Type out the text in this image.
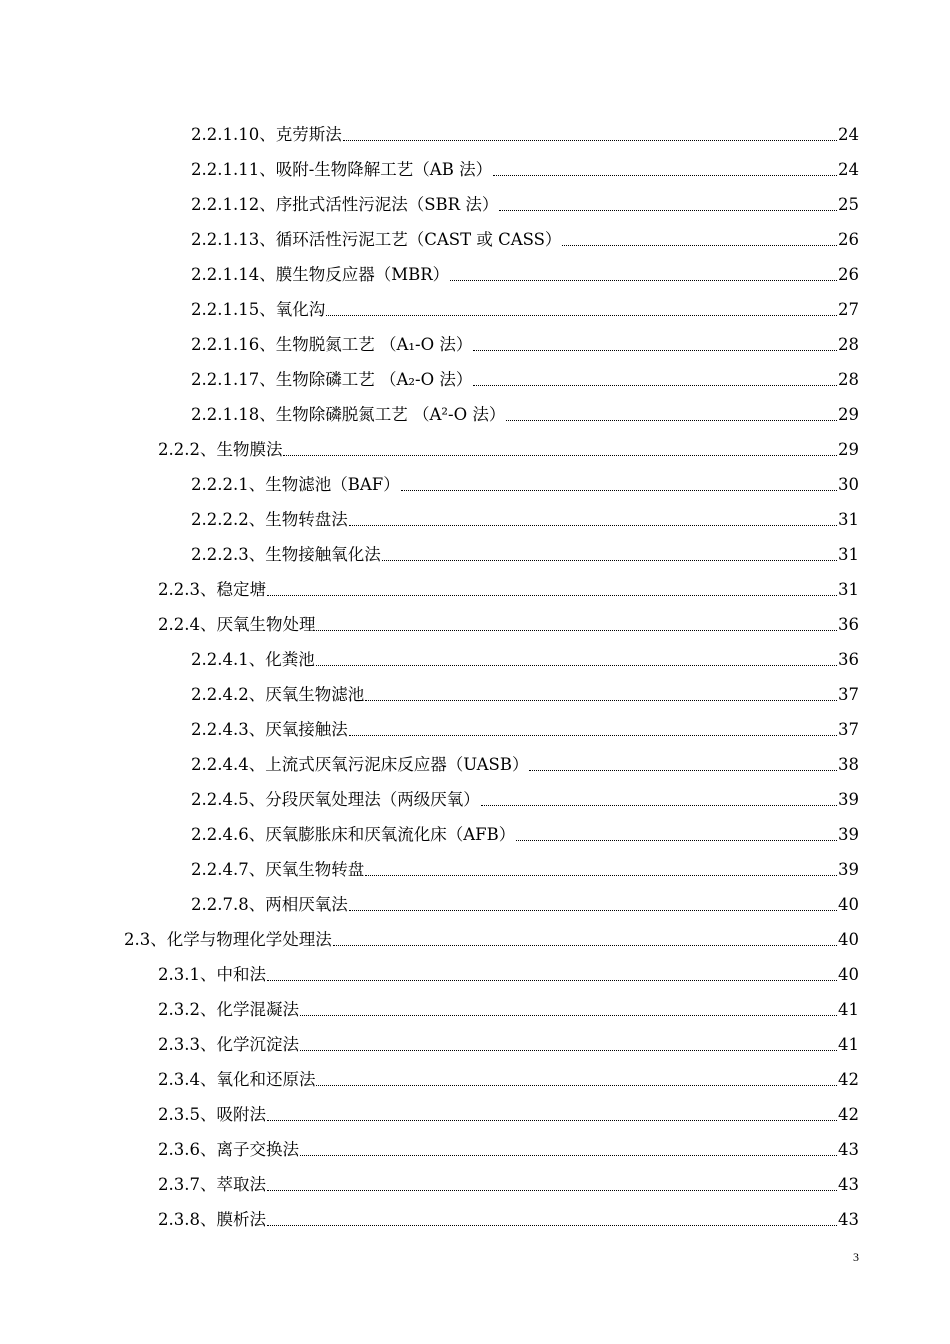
2.2.1.10、克劳斯法	24
2.2.1.11、吸附-生物降解工艺（AB 法）	24
2.2.1.12、序批式活性污泥法（SBR 法）	25
2.2.1.13、循环活性污泥工艺（CAST 或 CASS）	26
2.2.1.14、膜生物反应器（MBR）	26
2.2.1.15、氧化沟	27
2.2.1.16、生物脱氮工艺 （A₁-O 法）	28
2.2.1.17、生物除磷工艺 （A₂-O 法）	28
2.2.1.18、生物除磷脱氮工艺 （A²-O 法）	29
2.2.2、生物膜法	29
2.2.2.1、生物滤池（BAF）	30
2.2.2.2、生物转盘法	31
2.2.2.3、生物接触氧化法	31
2.2.3、稳定塘	31
2.2.4、厌氧生物处理	36
2.2.4.1、化粪池	36
2.2.4.2、厌氧生物滤池	37
2.2.4.3、厌氧接触法	37
2.2.4.4、上流式厌氧污泥床反应器（UASB）	38
2.2.4.5、分段厌氧处理法（两级厌氧）	39
2.2.4.6、厌氧膨胀床和厌氧流化床（AFB）	39
2.2.4.7、厌氧生物转盘	39
2.2.7.8、两相厌氧法	40
2.3、化学与物理化学处理法	40
2.3.1、中和法	40
2.3.2、化学混凝法	41
2.3.3、化学沉淀法	41
2.3.4、氧化和还原法	42
2.3.5、吸附法	42
2.3.6、离子交换法	43
2.3.7、萃取法	43
2.3.8、膜析法	43
3
